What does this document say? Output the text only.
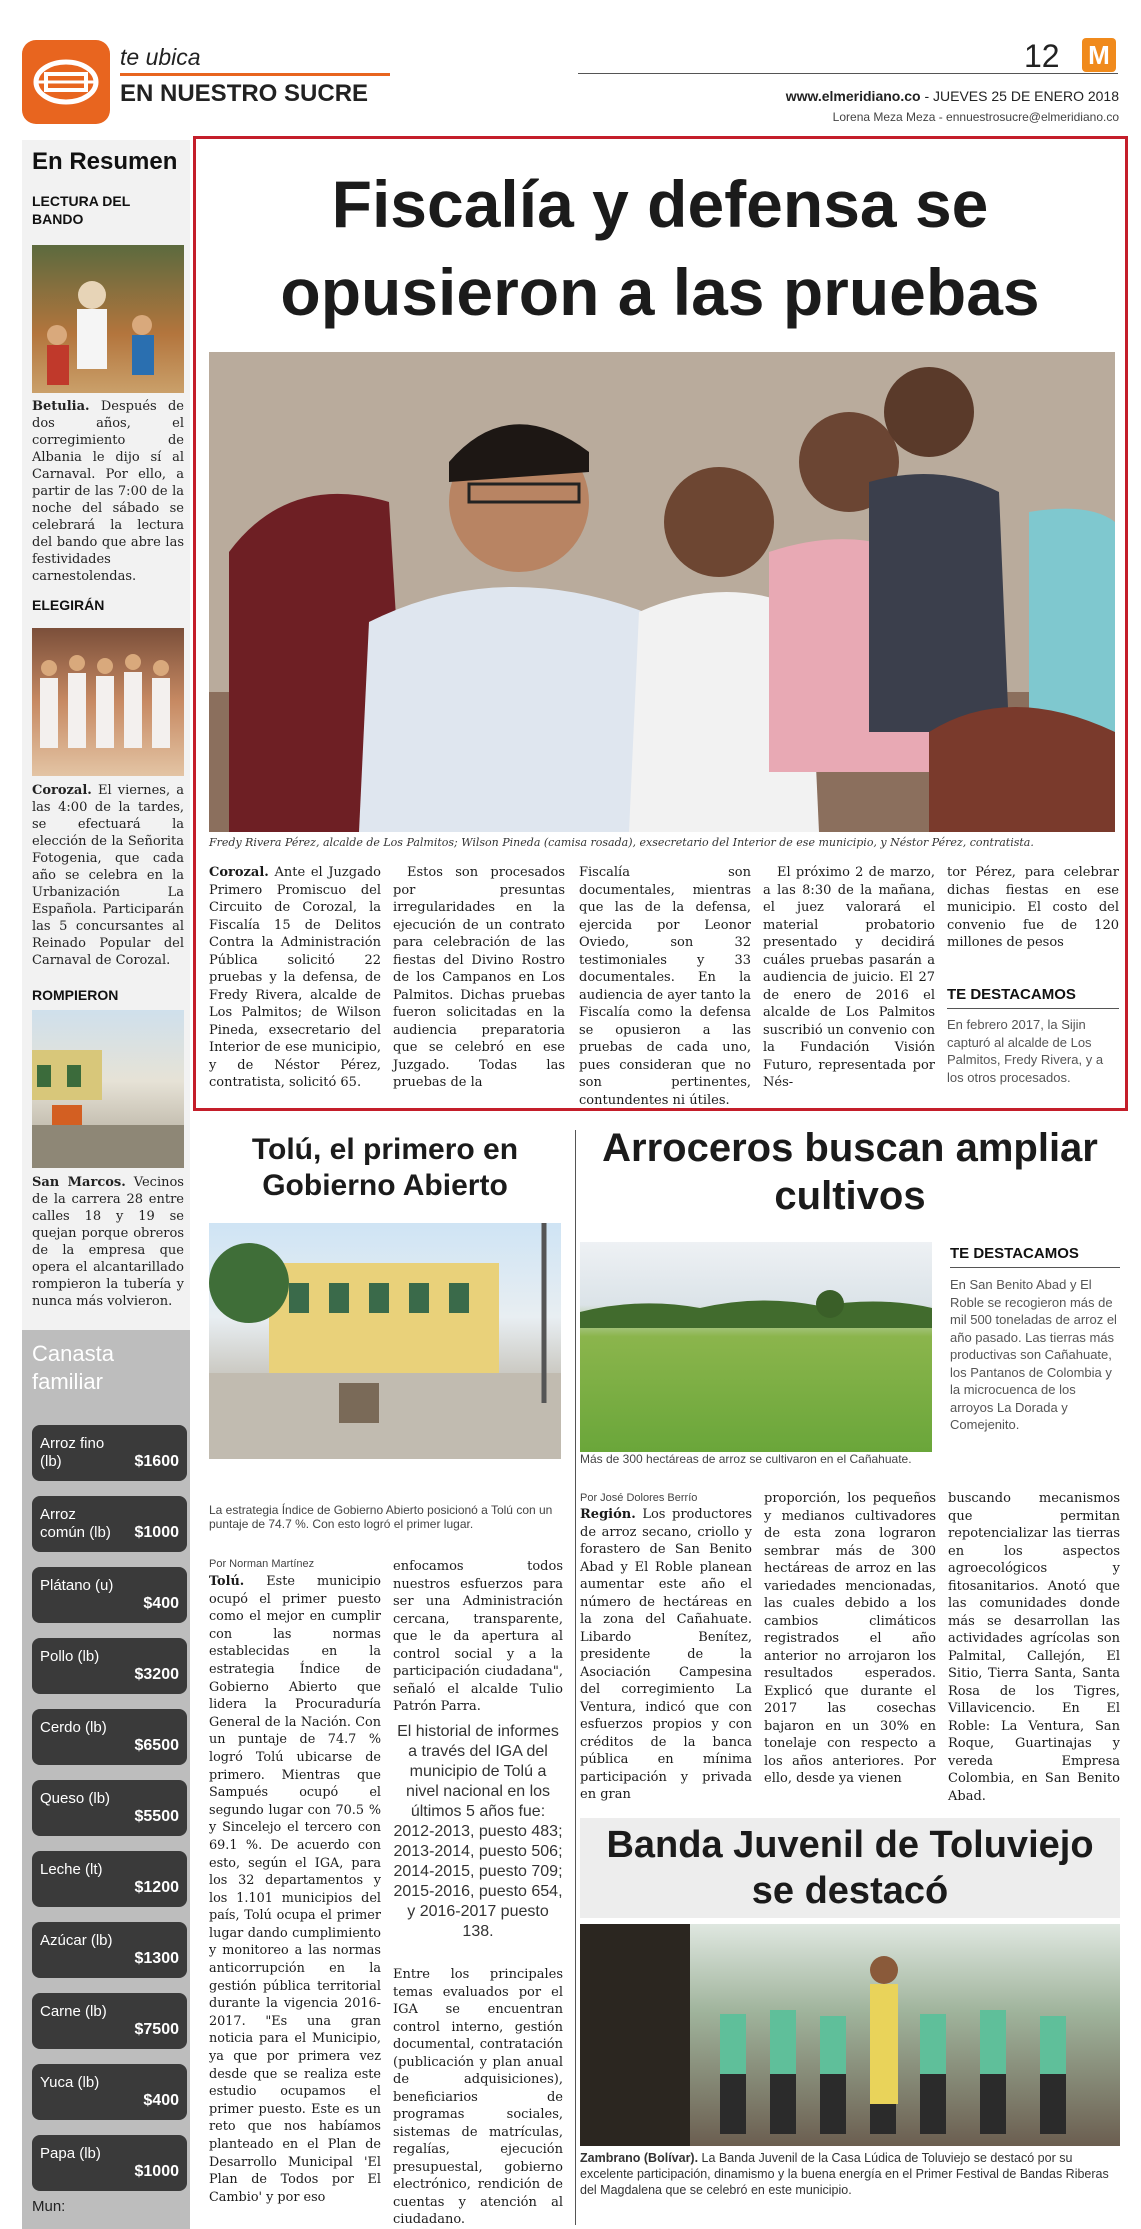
te ubica
EN NUESTRO SUCRE
12 M
www.elmeridiano.co - JUEVES 25 DE ENERO 2018
Lorena Meza Meza - ennuestrosucre@elmeridiano.co
En Resumen
LECTURA DEL BANDO
Betulia. Después de dos años, el corregimiento de Albania le dijo sí al Carnaval. Por ello, a partir de las 7:00 de la noche del sábado se celebrará la lectura del bando que abre las festividades carnestolendas.
ELEGIRÁN
Corozal. El viernes, a las 4:00 de la tardes, se efectuará la elección de la Señorita Fotogenia, que cada año se celebra en la Urbanización La Española. Participarán las 5 concursantes al Reinado Popular del Carnaval de Corozal.
ROMPIERON
San Marcos. Vecinos de la carrera 28 entre calles 18 y 19 se quejan porque obreros de la empresa que opera el alcantarillado rompieron la tubería y nunca más volvieron.
Canasta familiar
Arroz fino (lb)	$1600
Arroz común (lb)	$1000
Plátano (u)
$400
Pollo (lb)
$3200
Cerdo (lb)
$6500
Queso (lb)
$5500
Leche (lt)
$1200
Azúcar (lb)
$1300
Carne (lb)
$7500
Yuca (lb)
$400
Papa (lb)
$1000
Mun:
Fiscalía y defensa se
opusieron a las pruebas
Fredy Rivera Pérez, alcalde de Los Palmitos; Wilson Pineda (camisa rosada), exsecretario del Interior de ese municipio, y Néstor Pérez, contratista.
Corozal. Ante el Juzgado Primero Promiscuo del Circuito de Corozal, la Fiscalía 15 de Delitos Contra la Administración Pública solicitó 22 pruebas y la defensa, de Fredy Rivera, alcalde de Los Palmitos; de Wilson Pineda, exsecretario del Interior de ese municipio, y de Néstor Pérez, contratista, solicitó 65.
Estos son procesados por presuntas irregularidades en la ejecución de un contrato para celebración de las fiestas del Divino Rostro de los Campanos en Los Palmitos. Dichas pruebas fueron solicitadas en la audiencia preparatoria que se celebró en ese Juzgado. Todas las pruebas de la
Fiscalía son documentales, mientras que las de la defensa, ejercida por Leonor Oviedo, son 32 testimoniales y 33 documentales. En la audiencia de ayer tanto la Fiscalía como la defensa se opusieron a las pruebas de cada uno, pues consideran que no son pertinentes, contundentes ni útiles.
El próximo 2 de marzo, a las 8:30 de la mañana, el juez valorará el material probatorio presentado y decidirá cuáles pruebas pasarán a audiencia de juicio. El 27 de enero de 2016 el alcalde de Los Palmitos suscribió un convenio con la Fundación Visión Futuro, representada por Nés-
tor Pérez, para celebrar dichas fiestas en ese municipio. El costo del convenio fue de 120 millones de pesos
TE DESTACAMOS
En febrero 2017, la Sijin capturó al alcalde de Los Palmitos, Fredy Rivera, y a los otros procesados.
Tolú, el primero en Gobierno Abierto
La estrategia Índice de Gobierno Abierto posicionó a Tolú con un puntaje de 74.7 %. Con esto logró el primer lugar.
Por Norman Martínez
Tolú. Este municipio ocupó el primer puesto como el mejor en cumplir con las normas establecidas en la estrategia Índice de Gobierno Abierto que lidera la Procuraduría General de la Nación. Con un puntaje de 74.7 % logró Tolú ubicarse de primero. Mientras que Sampués ocupó el segundo lugar con 70.5 % y Sincelejo el tercero con 69.1 %. De acuerdo con esto, según el IGA, para los 32 departamentos y los 1.101 municipios del país, Tolú ocupa el primer lugar dando cumplimiento y monitoreo a las normas anticorrupción en la gestión pública territorial durante la vigencia 2016-2017. "Es una gran noticia para el Municipio, ya que por primera vez desde que se realiza este estudio ocupamos el primer puesto. Este es un reto que nos habíamos planteado en el Plan de Desarrollo Municipal 'El Plan de Todos por El Cambio' y por eso
enfocamos todos nuestros esfuerzos para ser una Administración cercana, transparente, que le da apertura al control social y a la participación ciudadana", señaló el alcalde Tulio Patrón Parra.
El historial de informes a través del IGA del municipio de Tolú a nivel nacional en los últimos 5 años fue: 2012-2013, puesto 483; 2013-2014, puesto 506; 2014-2015, puesto 709; 2015-2016, puesto 654, y 2016-2017 puesto 138.
Entre los principales temas evaluados por el IGA se encuentran control interno, gestión documental, contratación (publicación y plan anual de adquisiciones), beneficiarios de programas sociales, sistemas de matrículas, regalías, ejecución presupuestal, gobierno electrónico, rendición de cuentas y atención al ciudadano.
Arroceros buscan ampliar cultivos
Más de 300 hectáreas de arroz se cultivaron en el Cañahuate.
TE DESTACAMOS
En San Benito Abad y El Roble se recogieron más de mil 500 toneladas de arroz el año pasado. Las tierras más productivas son Cañahuate, los Pantanos de Colombia y la microcuenca de los arroyos La Dorada y Comejenito.
Por José Dolores Berrío
Región. Los productores de arroz secano, criollo y forastero de San Benito Abad y El Roble planean aumentar este año el número de hectáreas en la zona del Cañahuate. Libardo Benítez, presidente de la Asociación Campesina del corregimiento La Ventura, indicó que con esfuerzos propios y con créditos de la banca pública en mínima participación y privada en gran
proporción, los pequeños y medianos cultivadores de esta zona lograron sembrar más de 300 hectáreas de arroz en las variedades mencionadas, las cuales debido a los cambios climáticos registrados el año anterior no arrojaron los resultados esperados. Explicó que durante el 2017 las cosechas bajaron en un 30% en tonelaje con respecto a los años anteriores. Por ello, desde ya vienen
buscando mecanismos que permitan repotencializar las tierras en los aspectos agroecológicos y fitosanitarios. Anotó que las comunidades donde más se desarrollan las actividades agrícolas son Palmital, Callejón, El Sitio, Tierra Santa, Santa Rosa de los Tigres, Villavicencio. En El Roble: La Ventura, San Roque, Guartinajas y vereda Empresa Colombia, en San Benito Abad.
Banda Juvenil de Toluviejo se destacó
Zambrano (Bolívar). La Banda Juvenil de la Casa Lúdica de Toluviejo se destacó por su excelente participación, dinamismo y la buena energía en el Primer Festival de Bandas Riberas del Magdalena que se celebró en este municipio.
